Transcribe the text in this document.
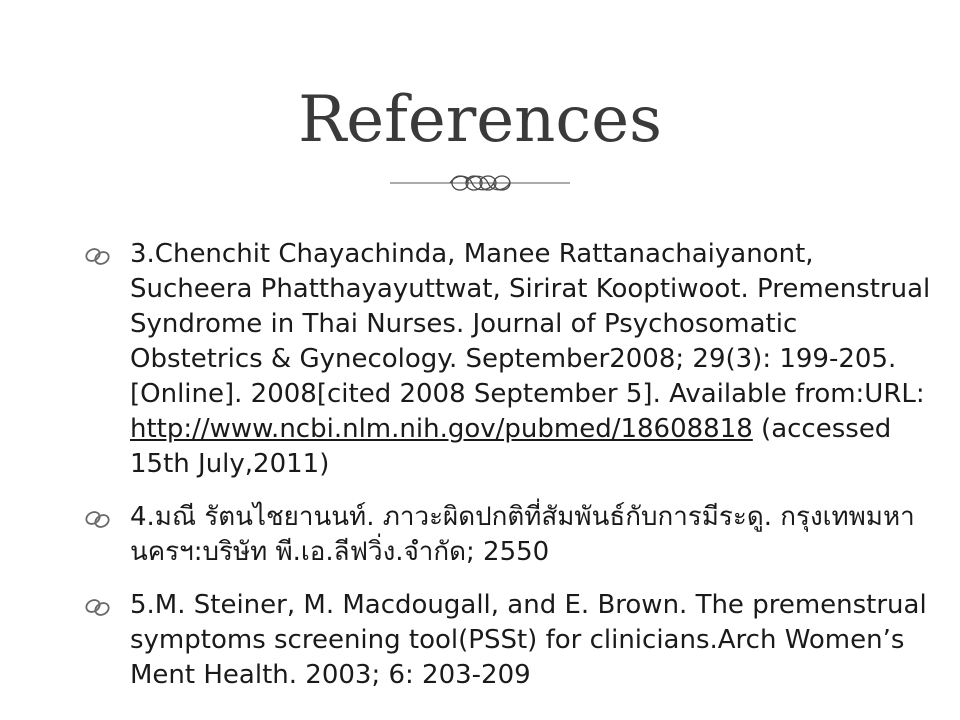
References
3.Chenchit Chayachinda, Manee Rattanachaiyanont, Sucheera Phatthayayuttwat, Sirirat Kooptiwoot. Premenstrual Syndrome in Thai Nurses. Journal of Psychosomatic Obstetrics & Gynecology. September2008; 29(3): 199-205.[Online]. 2008[cited 2008 September 5]. Available from:URL: http://www.ncbi.nlm.nih.gov/pubmed/18608818 (accessed 15th July,2011)
4.มณี รัตนไชยานนท์. ภาวะผิดปกติที่สัมพันธ์กับการมีระดู. กรุงเทพมหานครฯ:บริษัท พี.เอ.ลีฟวิ่ง.จำกัด; 2550
5.M. Steiner, M. Macdougall, and E. Brown. The premenstrual symptoms screening tool(PSSt) for clinicians.Arch Women’s Ment Health. 2003; 6: 203-209
